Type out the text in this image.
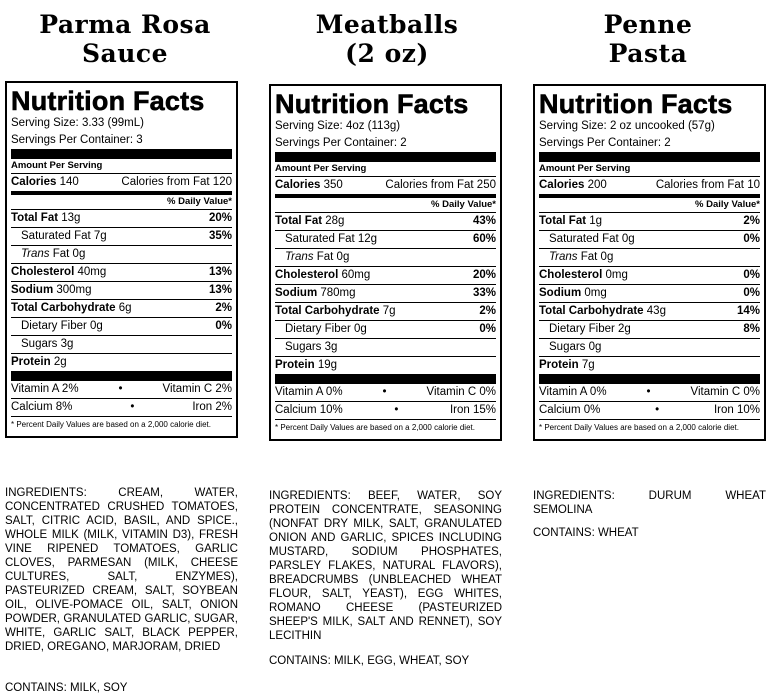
Parma Rosa
Sauce
Nutrition Facts
Serving Size: 3.33 (99mL)
Servings Per Container: 3
Amount Per Serving
Calories 140	Calories from Fat 120
% Daily Value*
Total Fat 13g	20%
Saturated Fat 7g	35%
Trans Fat 0g
Cholesterol 40mg	13%
Sodium 300mg	13%
Total Carbohydrate 6g	2%
Dietary Fiber 0g	0%
Sugars 3g
Protein 2g
Vitamin A 2%	•	Vitamin C 2%
Calcium 8%	•	Iron 2%
* Percent Daily Values are based on a 2,000 calorie diet.
INGREDIENTS: CREAM, WATER, CONCENTRATED CRUSHED TOMATOES, SALT, CITRIC ACID, BASIL, AND SPICE., WHOLE MILK (MILK, VITAMIN D3), FRESH VINE RIPENED TOMATOES, GARLIC CLOVES, PARMESAN (MILK, CHEESE CULTURES, SALT, ENZYMES), PASTEURIZED CREAM, SALT, SOYBEAN OIL, OLIVE-POMACE OIL, SALT, ONION POWDER, GRANULATED GARLIC, SUGAR, WHITE, GARLIC SALT, BLACK PEPPER, DRIED, OREGANO, MARJORAM, DRIED
CONTAINS: MILK, SOY
Meatballs
(2 oz)
Nutrition Facts
Serving Size: 4oz (113g)
Servings Per Container: 2
Amount Per Serving
Calories 350	Calories from Fat 250
% Daily Value*
Total Fat 28g	43%
Saturated Fat 12g	60%
Trans Fat 0g
Cholesterol 60mg	20%
Sodium 780mg	33%
Total Carbohydrate 7g	2%
Dietary Fiber 0g	0%
Sugars 3g
Protein 19g
Vitamin A 0%	•	Vitamin C 0%
Calcium 10%	•	Iron 15%
* Percent Daily Values are based on a 2,000 calorie diet.
INGREDIENTS: BEEF, WATER, SOY PROTEIN CONCENTRATE, SEASONING (NONFAT DRY MILK, SALT, GRANULATED ONION AND GARLIC, SPICES INCLUDING MUSTARD, SODIUM PHOSPHATES, PARSLEY FLAKES, NATURAL FLAVORS), BREADCRUMBS (UNBLEACHED WHEAT FLOUR, SALT, YEAST), EGG WHITES, ROMANO CHEESE (PASTEURIZED SHEEP'S MILK, SALT AND RENNET), SOY LECITHIN
CONTAINS: MILK, EGG, WHEAT, SOY
Penne
Pasta
Nutrition Facts
Serving Size: 2 oz uncooked (57g)
Servings Per Container: 2
Amount Per Serving
Calories 200	Calories from Fat 10
% Daily Value*
Total Fat 1g	2%
Saturated Fat 0g	0%
Trans Fat 0g
Cholesterol 0mg	0%
Sodium 0mg	0%
Total Carbohydrate 43g	14%
Dietary Fiber 2g	8%
Sugars 0g
Protein 7g
Vitamin A 0%	•	Vitamin C 0%
Calcium 0%	•	Iron 10%
* Percent Daily Values are based on a 2,000 calorie diet.
INGREDIENTS: DURUM WHEAT SEMOLINA
CONTAINS: WHEAT
